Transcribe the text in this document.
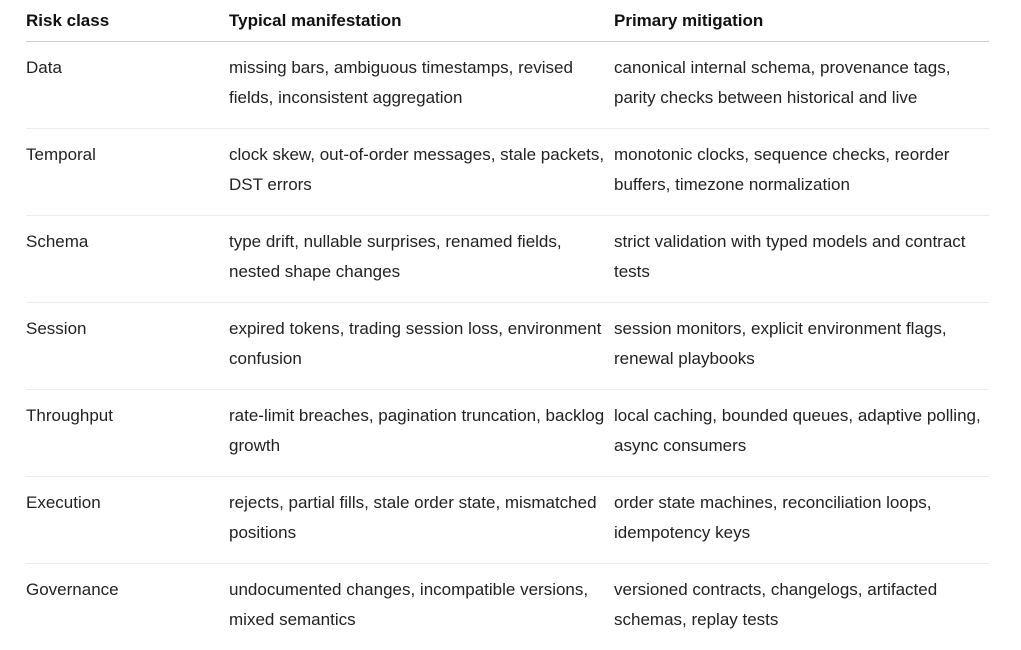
Risk class	Typical manifestation	Primary mitigation
Data	missing bars, ambiguous timestamps, revised fields, inconsistent aggregation	canonical internal schema, provenance tags, parity checks between historical and live
Temporal	clock skew, out-of-order messages, stale packets, DST errors	monotonic clocks, sequence checks, reorder buffers, timezone normalization
Schema	type drift, nullable surprises, renamed fields, nested shape changes	strict validation with typed models and contract tests
Session	expired tokens, trading session loss, environment confusion	session monitors, explicit environment flags, renewal playbooks
Throughput	rate-limit breaches, pagination truncation, backlog growth	local caching, bounded queues, adaptive polling, async consumers
Execution	rejects, partial fills, stale order state, mismatched positions	order state machines, reconciliation loops, idempotency keys
Governance	undocumented changes, incompatible versions, mixed semantics	versioned contracts, changelogs, artifacted schemas, replay tests
